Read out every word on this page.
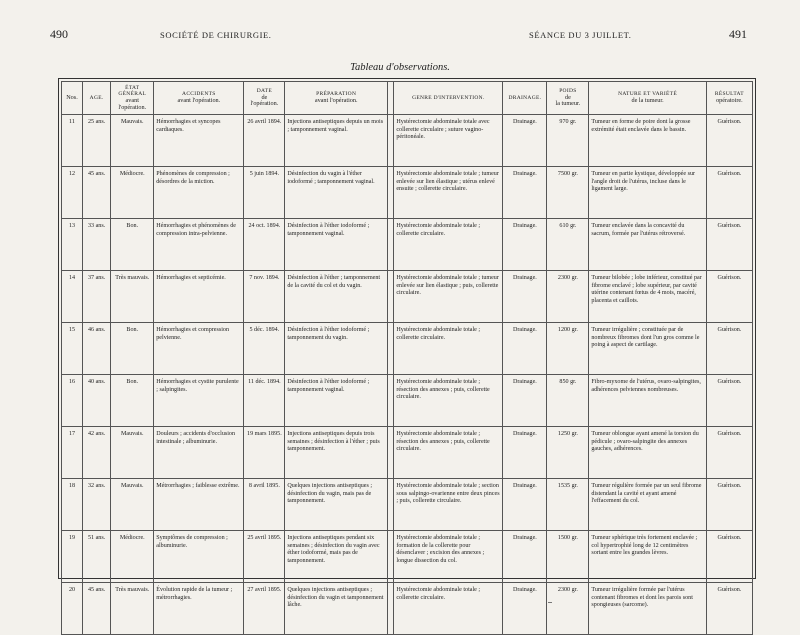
490	SOCIÉTÉ DE CHIRURGIE.	SÉANCE DU 3 JUILLET.	491
Tableau d'observations.
Nos.	AGE.	ÉTAT GÉNÉRAL
avant
l'opération.	ACCIDENTS
avant l'opération.	DATE
de
l'opération.	PRÉPARATION
avant l'opération.		GENRE D'INTERVENTION.	DRAINAGE.	POIDS
de
la tumeur.	NATURE ET VARIÉTÉ
de la tumeur.	RÉSULTAT
opératoire.
11	25 ans.	Mauvais.	Hémorrhagies et syncopes cardiaques.	26 avril 1894.	Injections antiseptiques depuis un mois ; tamponnement vaginal.		Hystérectomie abdominale totale avec collerette circulaire ; suture vagino-péritonéale.	Drainage.	970 gr.	Tumeur en forme de poire dont la grosse extrémité était enclavée dans le bassin.	Guérison.
12	45 ans.	Médiocre.	Phénomènes de compression ; désordres de la miction.	5 juin 1894.	Désinfection du vagin à l'éther iodoformé ; tamponnement vaginal.		Hystérectomie abdominale totale ; tumeur enlevée sur lien élastique ; utérus enlevé ensuite ; collerette circulaire.	Drainage.	7500 gr.	Tumeur en partie kystique, développée sur l'angle droit de l'utérus, incluse dans le ligament large.	Guérison.
13	33 ans.	Bon.	Hémorrhagies et phénomènes de compression intra-pelvienne.	24 oct. 1894.	Désinfection à l'éther iodoformé ; tamponnement vaginal.		Hystérectomie abdominale totale ; collerette circulaire.	Drainage.	610 gr.	Tumeur enclavée dans la concavité du sacrum, formée par l'utérus rétroversé.	Guérison.
14	37 ans.	Très mauvais.	Hémorrhagies et septicémie.	7 nov. 1894.	Désinfection à l'éther ; tamponnement de la cavité du col et du vagin.		Hystérectomie abdominale totale ; tumeur enlevée sur lien élastique ; puis, collerette circulaire.	Drainage.	2300 gr.	Tumeur bilobée ; lobe inférieur, constitué par fibrome enclavé ; lobe supérieur, par cavité utérine contenant fœtus de 4 mois, macéré, placenta et caillots.	Guérison.
15	46 ans.	Bon.	Hémorrhagies et compression pelvienne.	5 déc. 1894.	Désinfection à l'éther iodoformé ; tamponnement du vagin.		Hystérectomie abdominale totale ; collerette circulaire.	Drainage.	1200 gr.	Tumeur irrégulière ; constituée par de nombreux fibromes dont l'un gros comme le poing à aspect de cartilage.	Guérison.
16	40 ans.	Bon.	Hémorrhagies et cystite purulente ; salpingites.	11 déc. 1894.	Désinfection à l'éther iodoformé ; tamponnement vaginal.		Hystérectomie abdominale totale ; résection des annexes ; puis, collerette circulaire.	Drainage.	850 gr.	Fibro-myxome de l'utérus, ovaro-salpingites, adhérences pelviennes nombreuses.	Guérison.
17	42 ans.	Mauvais.	Douleurs ; accidents d'occlusion intestinale ; albuminurie.	19 mars 1895.	Injections antiseptiques depuis trois semaines ; désinfection à l'éther ; puis tamponnement.		Hystérectomie abdominale totale ; résection des annexes ; puis, collerette circulaire.	Drainage.	1250 gr.	Tumeur oblongue ayant amené la torsion du pédicule ; ovaro-salpingite des annexes gauches, adhérences.	Guérison.
18	32 ans.	Mauvais.	Métrorrhagies ; faiblesse extrême.	8 avril 1895.	Quelques injections antiseptiques ; désinfection du vagin, mais pas de tamponnement.		Hystérectomie abdominale totale ; section sous salpingo-ovarienne entre deux pinces ; puis, collerette circulaire.	Drainage.	1535 gr.	Tumeur régulière formée par un seul fibrome distendant la cavité et ayant amené l'effacement du col.	Guérison.
19	51 ans.	Médiocre.	Symptômes de compression ; albuminurie.	25 avril 1895.	Injections antiseptiques pendant six semaines ; désinfection du vagin avec éther iodoformé, mais pas de tamponnement.		Hystérectomie abdominale totale ; formation de la collerette pour désenclaver ; excision des annexes ; longue dissection du col.	Drainage.	1500 gr.	Tumeur sphérique très fortement enclavée ; col hypertrophié long de 12 centimètres sortant entre les grandes lèvres.	Guérison.
20	45 ans.	Très mauvais.	Évolution rapide de la tumeur ; métrorrhagies.	27 avril 1895.	Quelques injections antiseptiques ; désinfection du vagin et tamponnement lâche.		Hystérectomie abdominale totale ; collerette circulaire.	Drainage.	2300 gr.	Tumeur irrégulière formée par l'utérus contenant fibromes et dont les parois sont spongieuses (sarcome).	Guérison.
